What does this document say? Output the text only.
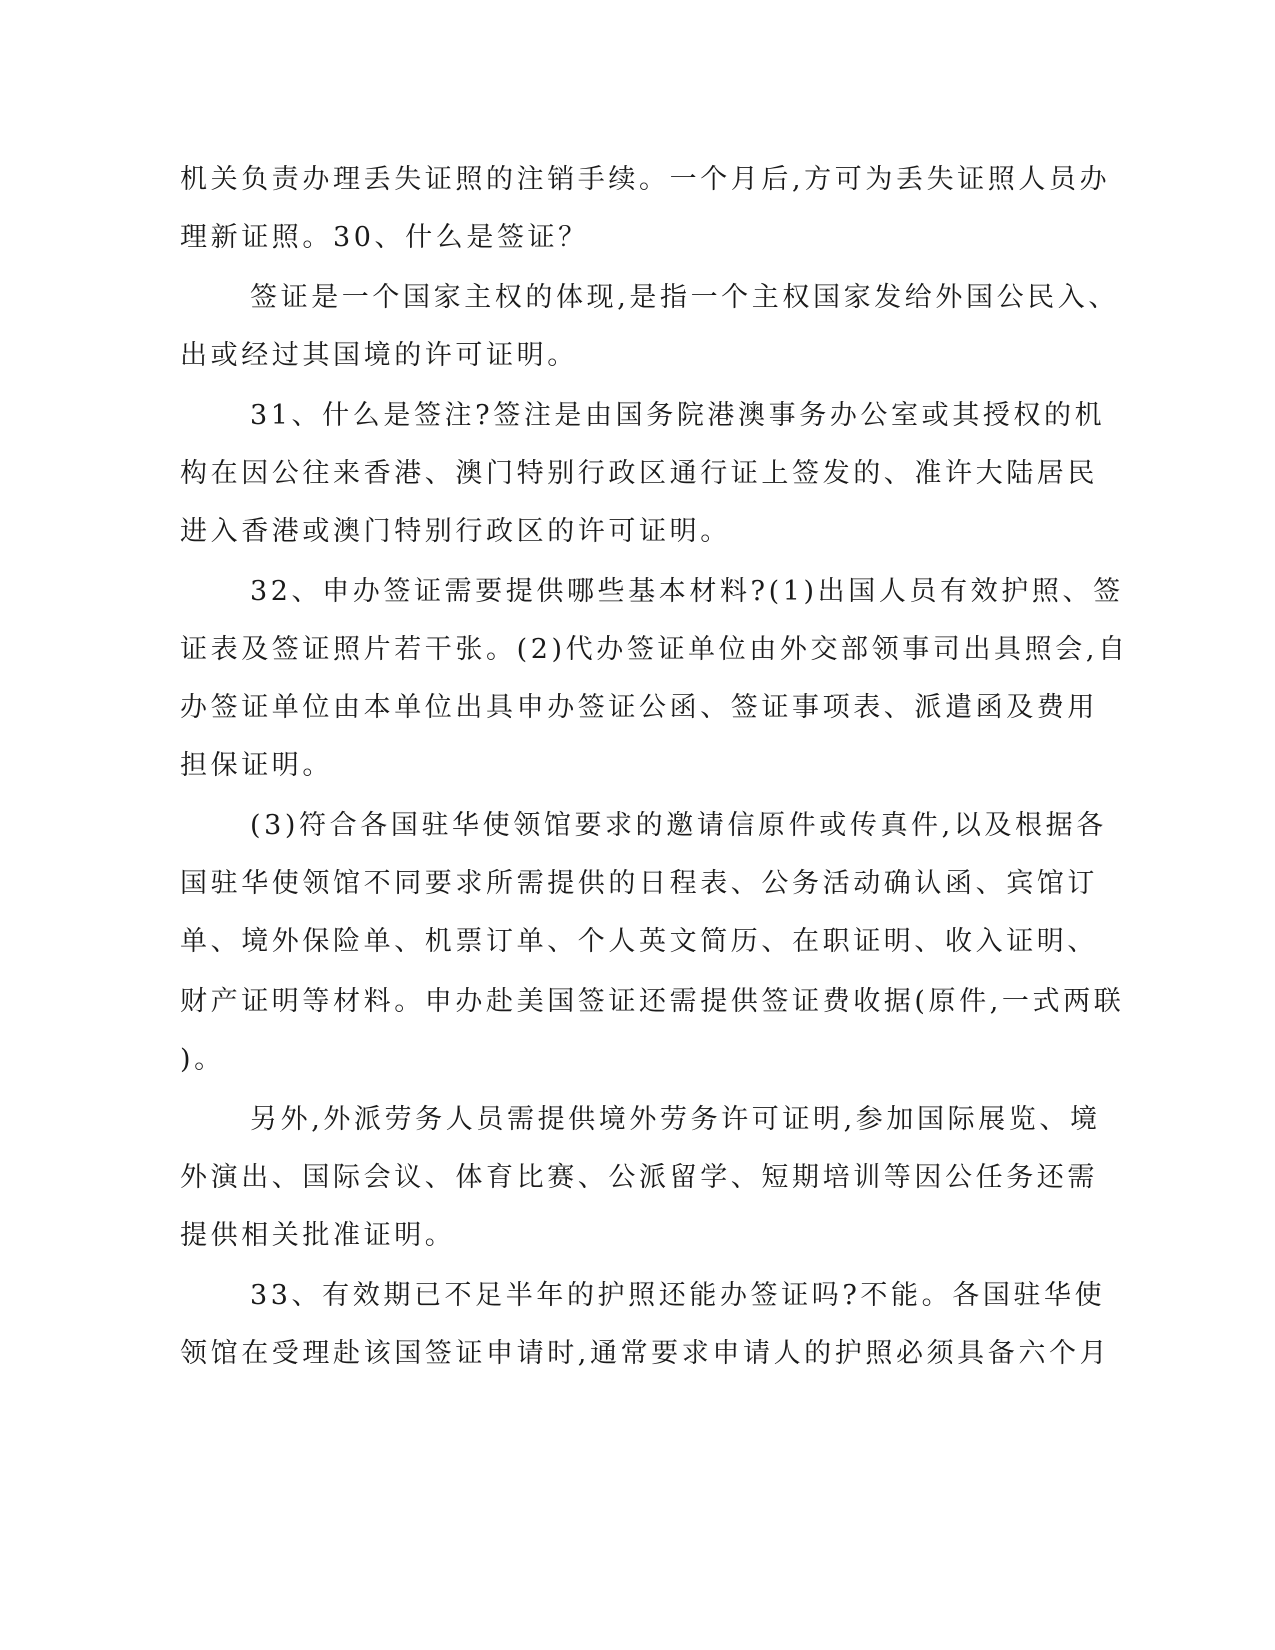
机关负责办理丢失证照的注销手续。一个月后,方可为丢失证照人员办
理新证照。30、什么是签证？
签证是一个国家主权的体现,是指一个主权国家发给外国公民入、
出或经过其国境的许可证明。
31、什么是签注?签注是由国务院港澳事务办公室或其授权的机
构在因公往来香港、澳门特别行政区通行证上签发的、准许大陆居民
进入香港或澳门特别行政区的许可证明。
32、申办签证需要提供哪些基本材料?(1)出国人员有效护照、签
证表及签证照片若干张。(2)代办签证单位由外交部领事司出具照会,自
办签证单位由本单位出具申办签证公函、签证事项表、派遣函及费用
担保证明。
(3)符合各国驻华使领馆要求的邀请信原件或传真件,以及根据各
国驻华使领馆不同要求所需提供的日程表、公务活动确认函、宾馆订
单、境外保险单、机票订单、个人英文简历、在职证明、收入证明、
财产证明等材料。申办赴美国签证还需提供签证费收据(原件,一式两联
)。
另外,外派劳务人员需提供境外劳务许可证明,参加国际展览、境
外演出、国际会议、体育比赛、公派留学、短期培训等因公任务还需
提供相关批准证明。
33、有效期已不足半年的护照还能办签证吗?不能。各国驻华使
领馆在受理赴该国签证申请时,通常要求申请人的护照必须具备六个月
